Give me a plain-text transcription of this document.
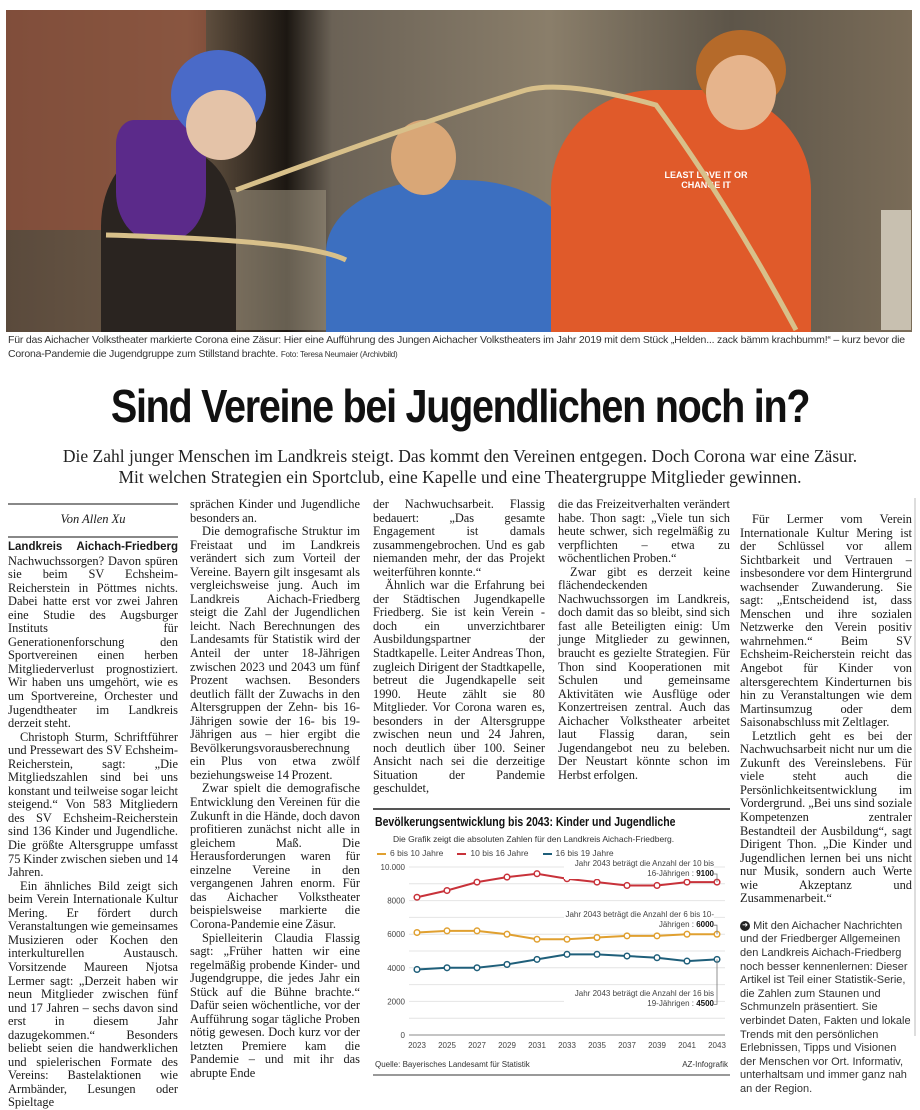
LEAST LOVE IT OR CHANGE IT
Für das Aichacher Volkstheater markierte Corona eine Zäsur: Hier eine Aufführung des Jungen Aichacher Volkstheaters im Jahr 2019 mit dem Stück „Helden... zack bämm krachbumm!“ – kurz bevor die Corona-Pandemie die Jugendgruppe zum Stillstand brachte. Foto: Teresa Neumaier (Archivbild)
Sind Vereine bei Jugendlichen noch in?
Die Zahl junger Menschen im Landkreis steigt. Das kommt den Vereinen entgegen. Doch Corona war eine Zäsur.
Mit welchen Strategien ein Sportclub, eine Kapelle und eine Theatergruppe Mitglieder gewinnen.
Von Allen Xu

Landkreis Aichach-Friedberg Nachwuchssorgen? Davon spüren sie beim SV Echsheim-Reicherstein in Pöttmes nichts. Dabei hatte erst vor zwei Jahren eine Studie des Augsburger Instituts für Generationenforschung den Sportvereinen einen herben Mitgliederverlust prognostiziert. Wir haben uns umgehört, wie es um Sportvereine, Orchester und Jugendtheater im Landkreis derzeit steht.

Christoph Sturm, Schriftführer und Pressewart des SV Echsheim-Reicherstein, sagt: „Die Mitgliedszahlen sind bei uns konstant und teilweise sogar leicht steigend.“ Von 583 Mitgliedern des SV Echsheim-Reicherstein sind 136 Kinder und Jugendliche. Die größte Altersgruppe umfasst 75 Kinder zwischen sieben und 14 Jahren.

Ein ähnliches Bild zeigt sich beim Verein Internationale Kultur Mering. Er fördert durch Veranstaltungen wie gemeinsames Musizieren oder Kochen den interkulturellen Austausch. Vorsitzende Maureen Njotsa Lermer sagt: „Derzeit haben wir neun Mitglieder zwischen fünf und 17 Jahren – sechs davon sind erst in diesem Jahr dazugekommen.“ Besonders beliebt seien die handwerklichen und spielerischen Formate des Vereins: Bastelaktionen wie Armbänder, Lesungen oder Spieltage

sprächen Kinder und Jugendliche besonders an.

Die demografische Struktur im Freistaat und im Landkreis verändert sich zum Vorteil der Vereine. Bayern gilt insgesamt als vergleichsweise jung. Auch im Landkreis Aichach-Friedberg steigt die Zahl der Jugendlichen leicht. Nach Berechnungen des Landesamts für Statistik wird der Anteil der unter 18-Jährigen zwischen 2023 und 2043 um fünf Prozent wachsen. Besonders deutlich fällt der Zuwachs in den Altersgruppen der Zehn- bis 16-Jährigen sowie der 16- bis 19-Jährigen aus – hier ergibt die Bevölkerungsvorausberechnung ein Plus von etwa zwölf beziehungsweise 14 Prozent.

Zwar spielt die demografische Entwicklung den Vereinen für die Zukunft in die Hände, doch davon profitieren zunächst nicht alle in gleichem Maß. Die Herausforderungen waren für einzelne Vereine in den vergangenen Jahren enorm. Für das Aichacher Volkstheater beispielsweise markierte die Corona-Pandemie eine Zäsur.

Spielleiterin Claudia Flassig sagt: „Früher hatten wir eine regelmäßig probende Kinder- und Jugendgruppe, die jedes Jahr ein Stück auf die Bühne brachte.“ Dafür seien wöchentliche, vor der Aufführung sogar tägliche Proben nötig gewesen. Doch kurz vor der letzten Premiere kam die Pandemie – und mit ihr das abrupte Ende

der Nachwuchsarbeit. Flassig bedauert: „Das gesamte Engagement ist damals zusammengebrochen. Und es gab niemanden mehr, der das Projekt weiterführen konnte.“

Ähnlich war die Erfahrung bei der Städtischen Jugendkapelle Friedberg. Sie ist kein Verein - doch ein unverzichtbarer Ausbildungspartner der Stadtkapelle. Leiter Andreas Thon, zugleich Dirigent der Stadtkapelle, betreut die Jugendkapelle seit 1990. Heute zählt sie 80 Mitglieder. Vor Corona waren es, besonders in der Altersgruppe zwischen neun und 24 Jahren, noch deutlich über 100. Seiner Ansicht nach sei die derzeitige Situation der Pandemie geschuldet,

die das Freizeitverhalten verändert habe. Thon sagt: „Viele tun sich heute schwer, sich regelmäßig zu verpflichten – etwa zu wöchentlichen Proben.“

Zwar gibt es derzeit keine flächendeckenden Nachwuchssorgen im Landkreis, doch damit das so bleibt, sind sich fast alle Beteiligten einig: Um junge Mitglieder zu gewinnen, braucht es gezielte Strategien. Für Thon sind Kooperationen mit Schulen und gemeinsame Aktivitäten wie Ausflüge oder Konzertreisen zentral. Auch das Aichacher Volkstheater arbeitet laut Flassig daran, sein Jugendangebot neu zu beleben. Der Neustart könnte schon im Herbst erfolgen.

Bevölkerungsentwicklung bis 2043: Kinder und Jugendliche
Die Grafik zeigt die absoluten Zahlen für den Landkreis Aichach-Friedberg.
6 bis 10 Jahre	10 bis 16 Jahre	16 bis 19 Jahre
0
2000
4000
6000
8000
10.000
2023 2025 2027 2029 2031 2033 2035 2037 2039 2041 2043
Jahr 2043 beträgt die Anzahl der 10 bis 16-Jährigen : 9100
Jahr 2043 beträgt die Anzahl der 6 bis 10-Jährigen : 6000
Jahr 2043 beträgt die Anzahl der 16 bis 19-Jährigen : 4500
Quelle: Bayerisches Landesamt für Statistik	AZ-Infografik

Für Lermer vom Verein Internationale Kultur Mering ist der Schlüssel vor allem Sichtbarkeit und Vertrauen – insbesondere vor dem Hintergrund wachsender Zuwanderung. Sie sagt: „Entscheidend ist, dass Menschen und ihre sozialen Netzwerke den Verein positiv wahrnehmen.“ Beim SV Echsheim-Reicherstein reicht das Angebot für Kinder von altersgerechtem Kinderturnen bis hin zu Veranstaltungen wie dem Martinsumzug oder dem Saisonabschluss mit Zeltlager.

Letztlich geht es bei der Nachwuchsarbeit nicht nur um die Zukunft des Vereinslebens. Für viele steht auch die Persönlichkeitsentwicklung im Vordergrund. „Bei uns sind soziale Kompetenzen zentraler Bestandteil der Ausbildung“, sagt Dirigent Thon. „Die Kinder und Jugendlichen lernen bei uns nicht nur Musik, sondern auch Werte wie Akzeptanz und Zusammenarbeit.“

➜ Mit den Aichacher Nachrichten und der Friedberger Allgemeinen den Landkreis Aichach-Friedberg noch besser kennenlernen: Dieser Artikel ist Teil einer Statistik-Serie, die Zahlen zum Staunen und Schmunzeln präsentiert. Sie verbindet Daten, Fakten und lokale Trends mit den persönlichen Erlebnissen, Tipps und Visionen der Menschen vor Ort. Informativ, unterhaltsam und immer ganz nah an der Region.
